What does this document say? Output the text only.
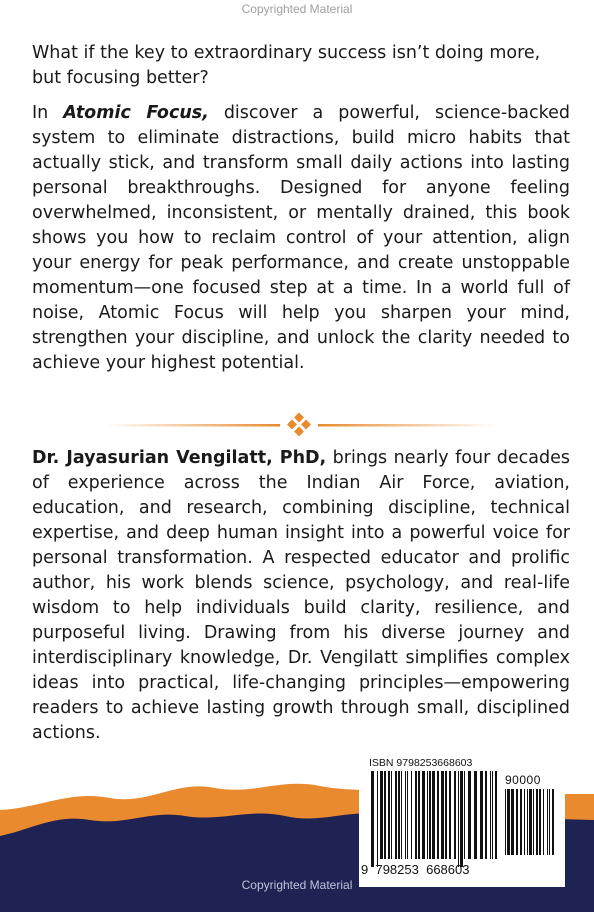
Copyrighted Material

What if the key to extraordinary success isn’t doing more, but focusing better?

In Atomic Focus, discover a powerful, science-backed system to eliminate distractions, build micro habits that actually stick, and transform small daily actions into lasting personal breakthroughs. Designed for anyone feeling overwhelmed, inconsistent, or mentally drained, this book shows you how to reclaim control of your attention, align your energy for peak performance, and create unstoppable momentum—one focused step at a time. In a world full of noise, Atomic Focus will help you sharpen your mind, strengthen your discipline, and unlock the clarity needed to achieve your highest potential.

Dr. Jayasurian Vengilatt, PhD, brings nearly four decades of experience across the Indian Air Force, aviation, education, and research, combining discipline, technical expertise, and deep human insight into a powerful voice for personal transformation. A respected educator and prolific author, his work blends science, psychology, and real-life wisdom to help individuals build clarity, resilience, and purposeful living. Drawing from his diverse journey and interdisciplinary knowledge, Dr. Vengilatt simplifies complex ideas into practical, life-changing principles—empowering readers to achieve lasting growth through small, disciplined actions.

ISBN 9798253668603
90000
9 798253 668603
Copyrighted Material
